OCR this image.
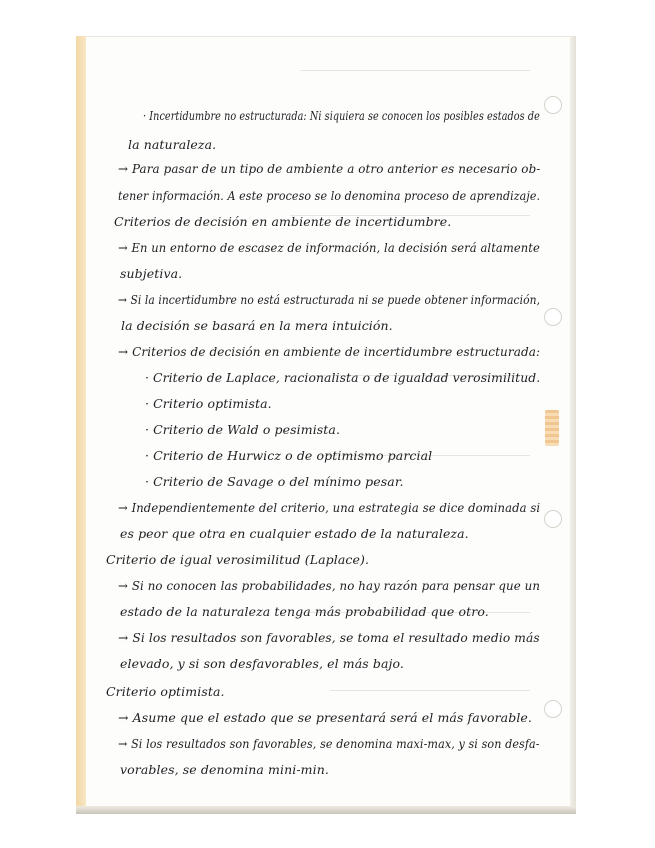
· Incertidumbre no estructurada: Ni siquiera se conocen los posibles estados de
la naturaleza.
→ Para pasar de un tipo de ambiente a otro anterior es necesario ob-
tener información. A este proceso se lo denomina proceso de aprendizaje.
Criterios de decisión en ambiente de incertidumbre.
→ En un entorno de escasez de información, la decisión será altamente
subjetiva.
→ Si la incertidumbre no está estructurada ni se puede obtener información,
la decisión se basará en la mera intuición.
→ Criterios de decisión en ambiente de incertidumbre estructurada:
· Criterio de Laplace, racionalista o de igualdad verosimilitud.
· Criterio optimista.
· Criterio de Wald o pesimista.
· Criterio de Hurwicz o de optimismo parcial
· Criterio de Savage o del mínimo pesar.
→ Independientemente del criterio, una estrategia se dice dominada si
es peor que otra en cualquier estado de la naturaleza.
Criterio de igual verosimilitud (Laplace).
→ Si no conocen las probabilidades, no hay razón para pensar que un
estado de la naturaleza tenga más probabilidad que otro.
→ Si los resultados son favorables, se toma el resultado medio más
elevado, y si son desfavorables, el más bajo.
Criterio optimista.
→ Asume que el estado que se presentará será el más favorable.
→ Si los resultados son favorables, se denomina maxi-max, y si son desfa-
vorables, se denomina mini-min.
